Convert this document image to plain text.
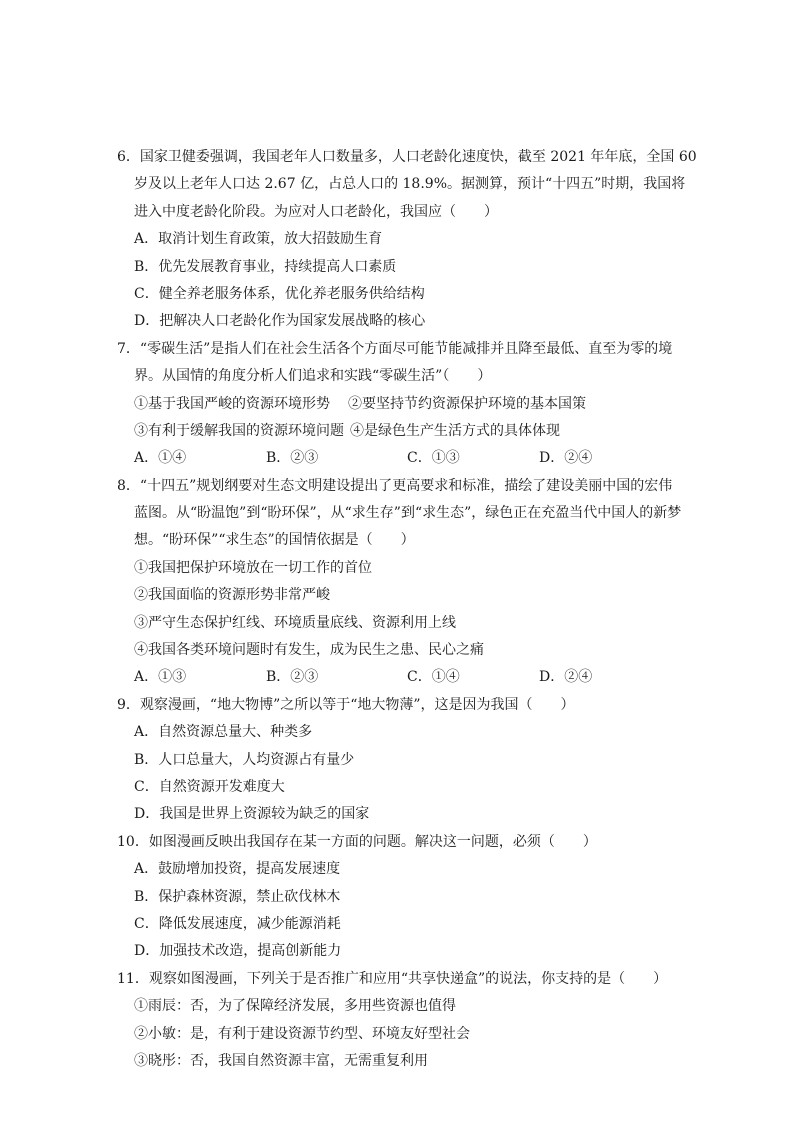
6．国家卫健委强调，我国老年人口数量多，人口老龄化速度快，截至 2021 年年底，全国 60
岁及以上老年人口达 2.67 亿，占总人口的 18.9%。据测算，预计“十四五”时期，我国将
进入中度老龄化阶段。为应对人口老龄化，我国应（　　）
A．取消计划生育政策，放大招鼓励生育
B．优先发展教育事业，持续提高人口素质
C．健全养老服务体系，优化养老服务供给结构
D．把解决人口老龄化作为国家发展战略的核心
7．“零碳生活”是指人们在社会生活各个方面尽可能节能减排并且降至最低、直至为零的境
界。从国情的角度分析人们追求和实践“零碳生活”（　　）
①基于我国严峻的资源环境形势 ②要坚持节约资源保护环境的基本国策
③有利于缓解我国的资源环境问题 ④是绿色生产生活方式的具体体现
A．①④	B．②③	C．①③	D．②④
8．“十四五”规划纲要对生态文明建设提出了更高要求和标准，描绘了建设美丽中国的宏伟
蓝图。从“盼温饱”到“盼环保”，从“求生存”到“求生态”，绿色正在充盈当代中国人的新梦
想。“盼环保”“求生态”的国情依据是（　　）
①我国把保护环境放在一切工作的首位
②我国面临的资源形势非常严峻
③严守生态保护红线、环境质量底线、资源利用上线
④我国各类环境问题时有发生，成为民生之患、民心之痛
A．①③	B．②③	C．①④	D．②④
9．观察漫画，“地大物博”之所以等于“地大物薄”，这是因为我国（　　）
A．自然资源总量大、种类多
B．人口总量大，人均资源占有量少
C．自然资源开发难度大
D．我国是世界上资源较为缺乏的国家
10．如图漫画反映出我国存在某一方面的问题。解决这一问题，必须（　　）
A．鼓励增加投资，提高发展速度
B．保护森林资源，禁止砍伐林木
C．降低发展速度，减少能源消耗
D．加强技术改造，提高创新能力
11．观察如图漫画，下列关于是否推广和应用“共享快递盒”的说法，你支持的是（　　）
①雨辰：否，为了保障经济发展，多用些资源也值得
②小敏：是，有利于建设资源节约型、环境友好型社会
③晓彤：否，我国自然资源丰富，无需重复利用
